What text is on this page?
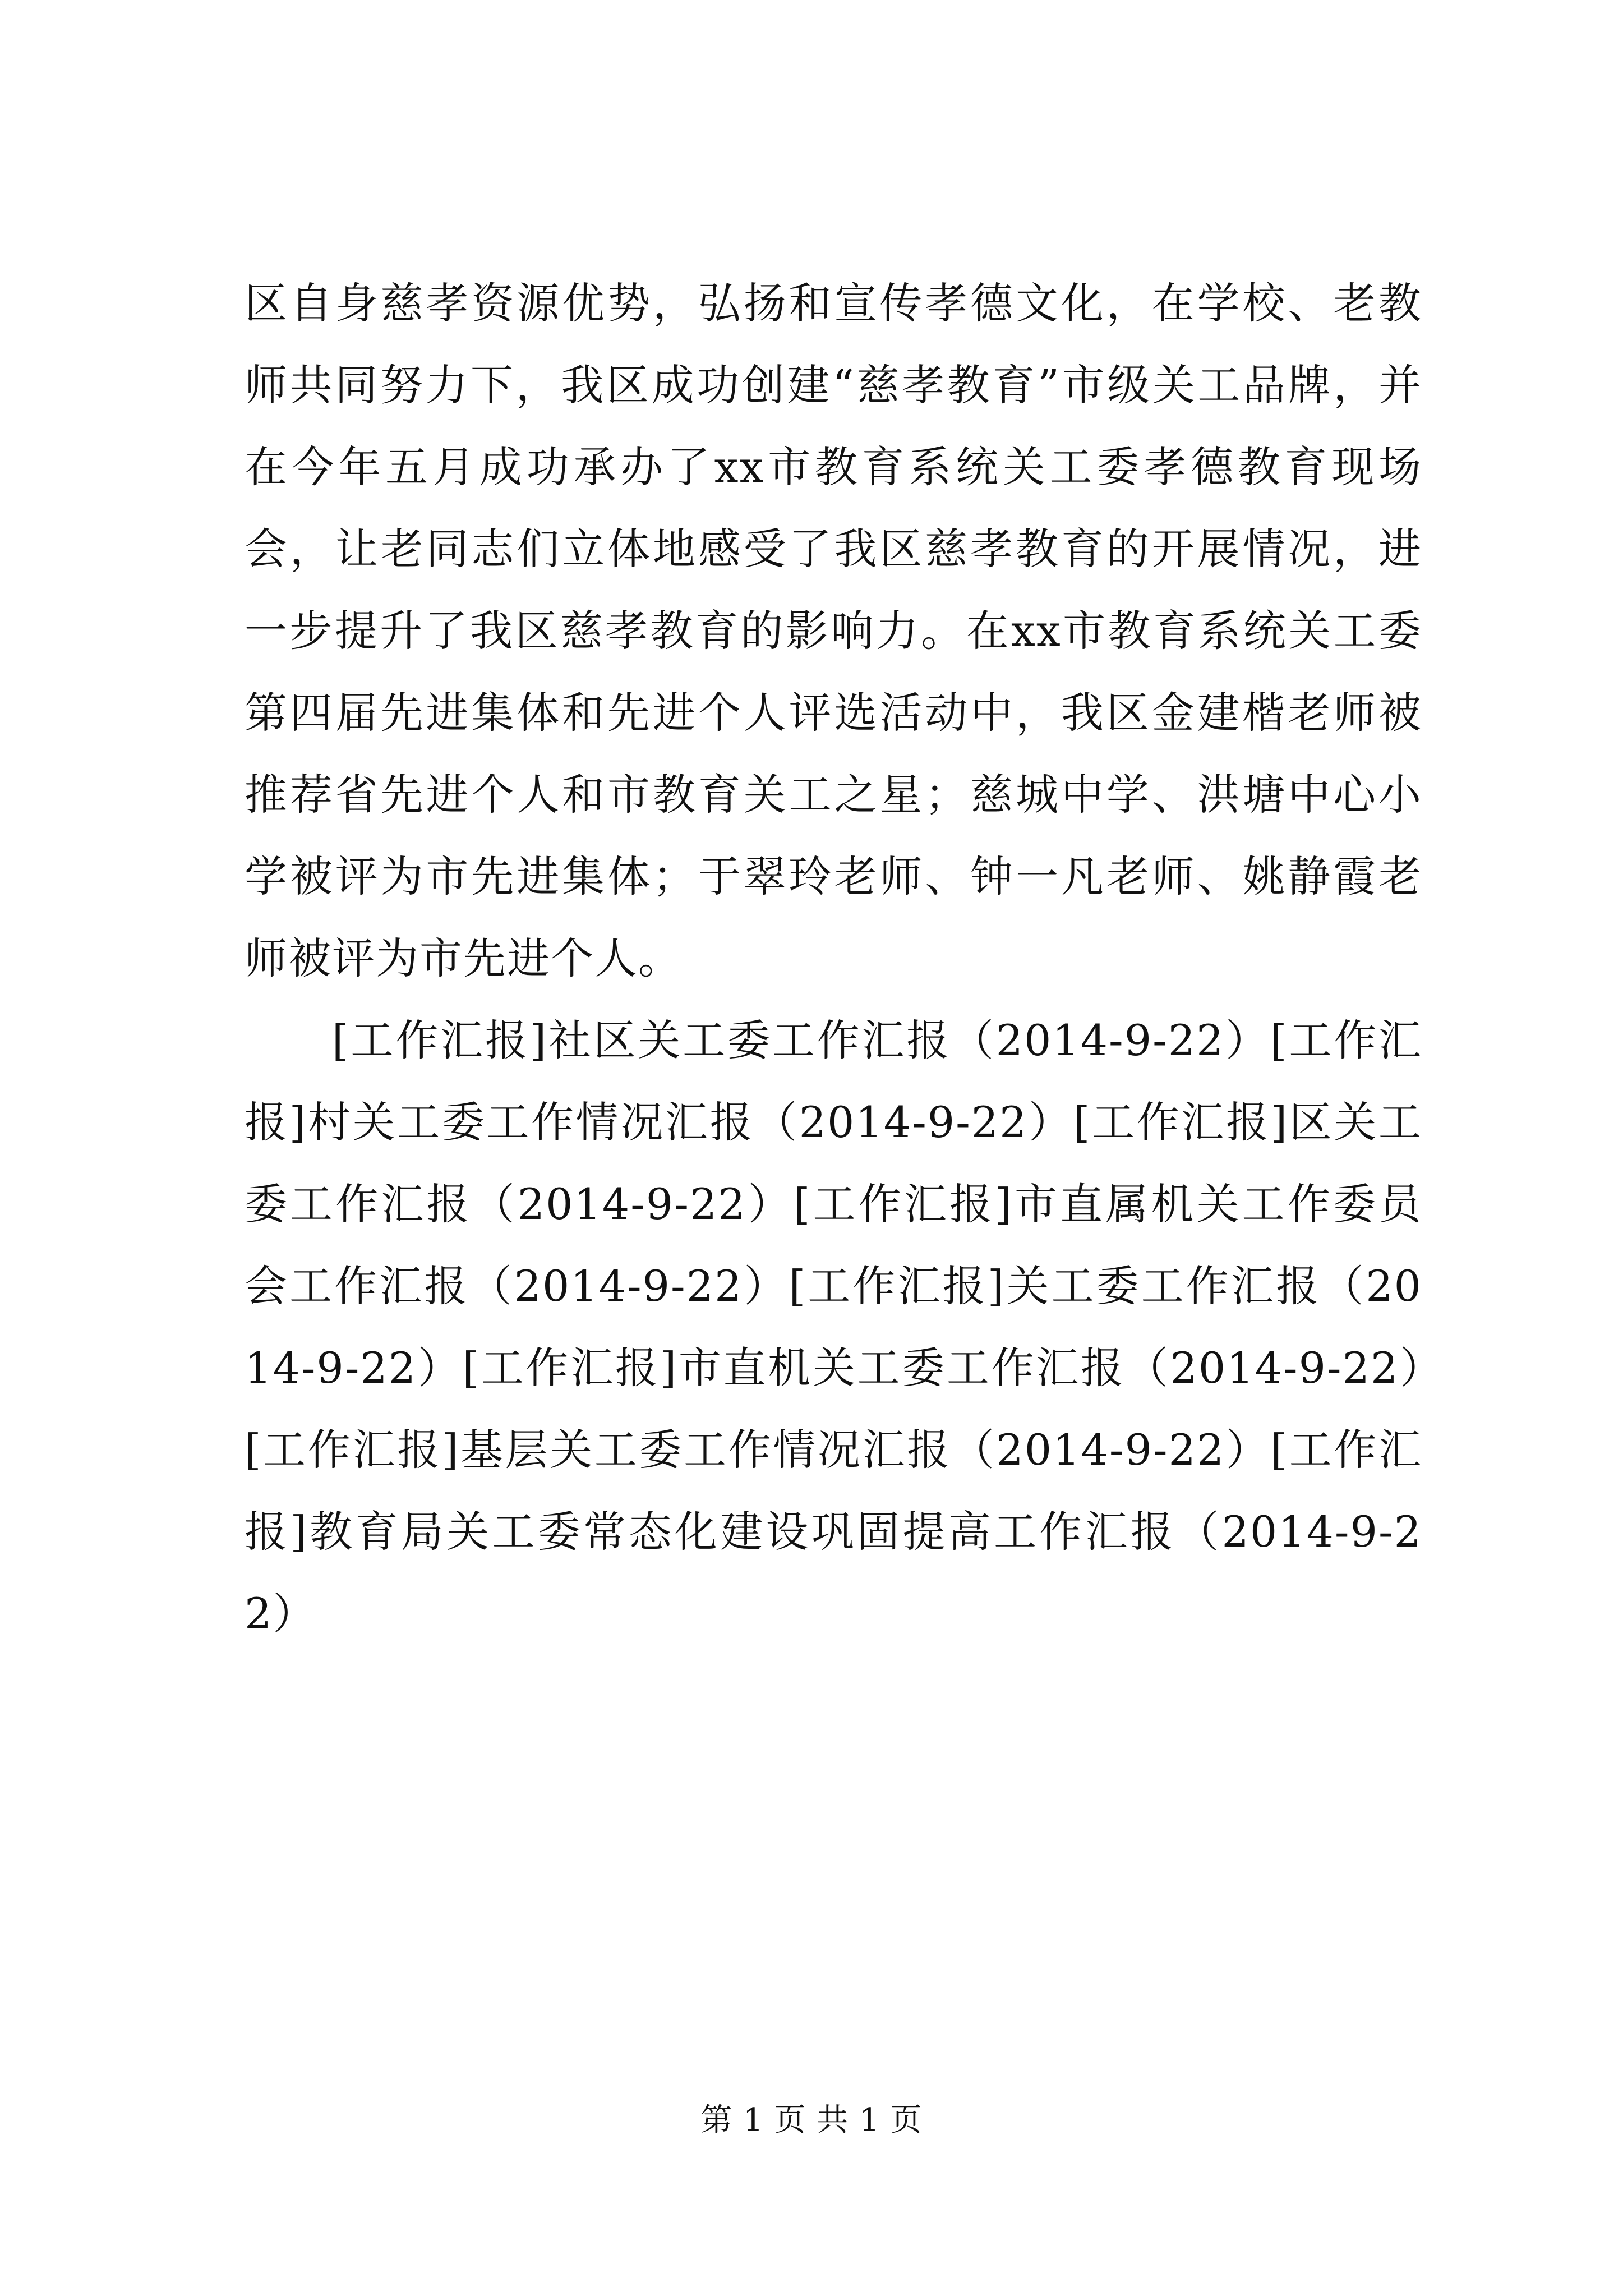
区自身慈孝资源优势，弘扬和宣传孝德文化，在学校、老教师共同努力下，我区成功创建“慈孝教育”市级关工品牌，并在今年五月成功承办了xx市教育系统关工委孝德教育现场会，让老同志们立体地感受了我区慈孝教育的开展情况，进一步提升了我区慈孝教育的影响力。在xx市教育系统关工委第四届先进集体和先进个人评选活动中，我区金建楷老师被推荐省先进个人和市教育关工之星；慈城中学、洪塘中心小学被评为市先进集体；于翠玲老师、钟一凡老师、姚静霞老师被评为市先进个人。

[工作汇报]社区关工委工作汇报（2014-9-22）[工作汇报]村关工委工作情况汇报（2014-9-22）[工作汇报]区关工委工作汇报（2014-9-22）[工作汇报]市直属机关工作委员会工作汇报（2014-9-22）[工作汇报]关工委工作汇报（2014-9-22）[工作汇报]市直机关工委工作汇报（2014-9-22）[工作汇报]基层关工委工作情况汇报（2014-9-22）[工作汇报]教育局关工委常态化建设巩固提高工作汇报（2014-9-22）

第 1 页 共 1 页
